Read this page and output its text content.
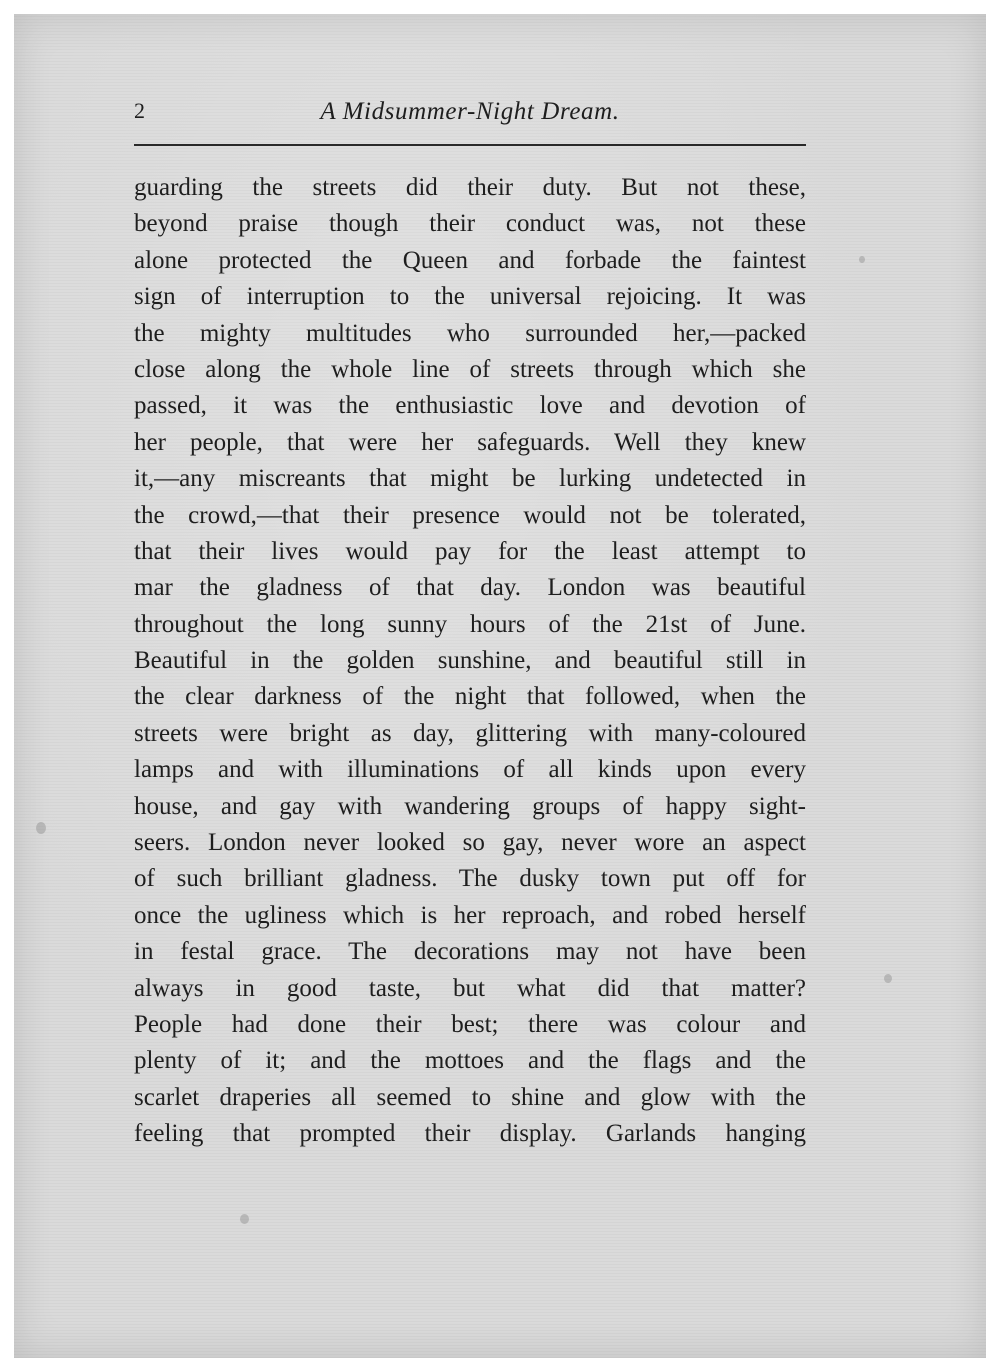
2	A Midsummer-Night Dream.
guarding the streets did their duty. But not these,
beyond praise though their conduct was, not these
alone protected the Queen and forbade the faintest
sign of interruption to the universal rejoicing. It was
the mighty multitudes who surrounded her,—packed
close along the whole line of streets through which she
passed, it was the enthusiastic love and devotion of
her people, that were her safeguards. Well they knew
it,—any miscreants that might be lurking undetected in
the crowd,—that their presence would not be tolerated,
that their lives would pay for the least attempt to
mar the gladness of that day. London was beautiful
throughout the long sunny hours of the 21st of June.
Beautiful in the golden sunshine, and beautiful still in
the clear darkness of the night that followed, when the
streets were bright as day, glittering with many-coloured
lamps and with illuminations of all kinds upon every
house, and gay with wandering groups of happy sight-
seers. London never looked so gay, never wore an aspect
of such brilliant gladness. The dusky town put off for
once the ugliness which is her reproach, and robed herself
in festal grace. The decorations may not have been
always in good taste, but what did that matter?
People had done their best; there was colour and
plenty of it; and the mottoes and the flags and the
scarlet draperies all seemed to shine and glow with the
feeling that prompted their display. Garlands hanging
